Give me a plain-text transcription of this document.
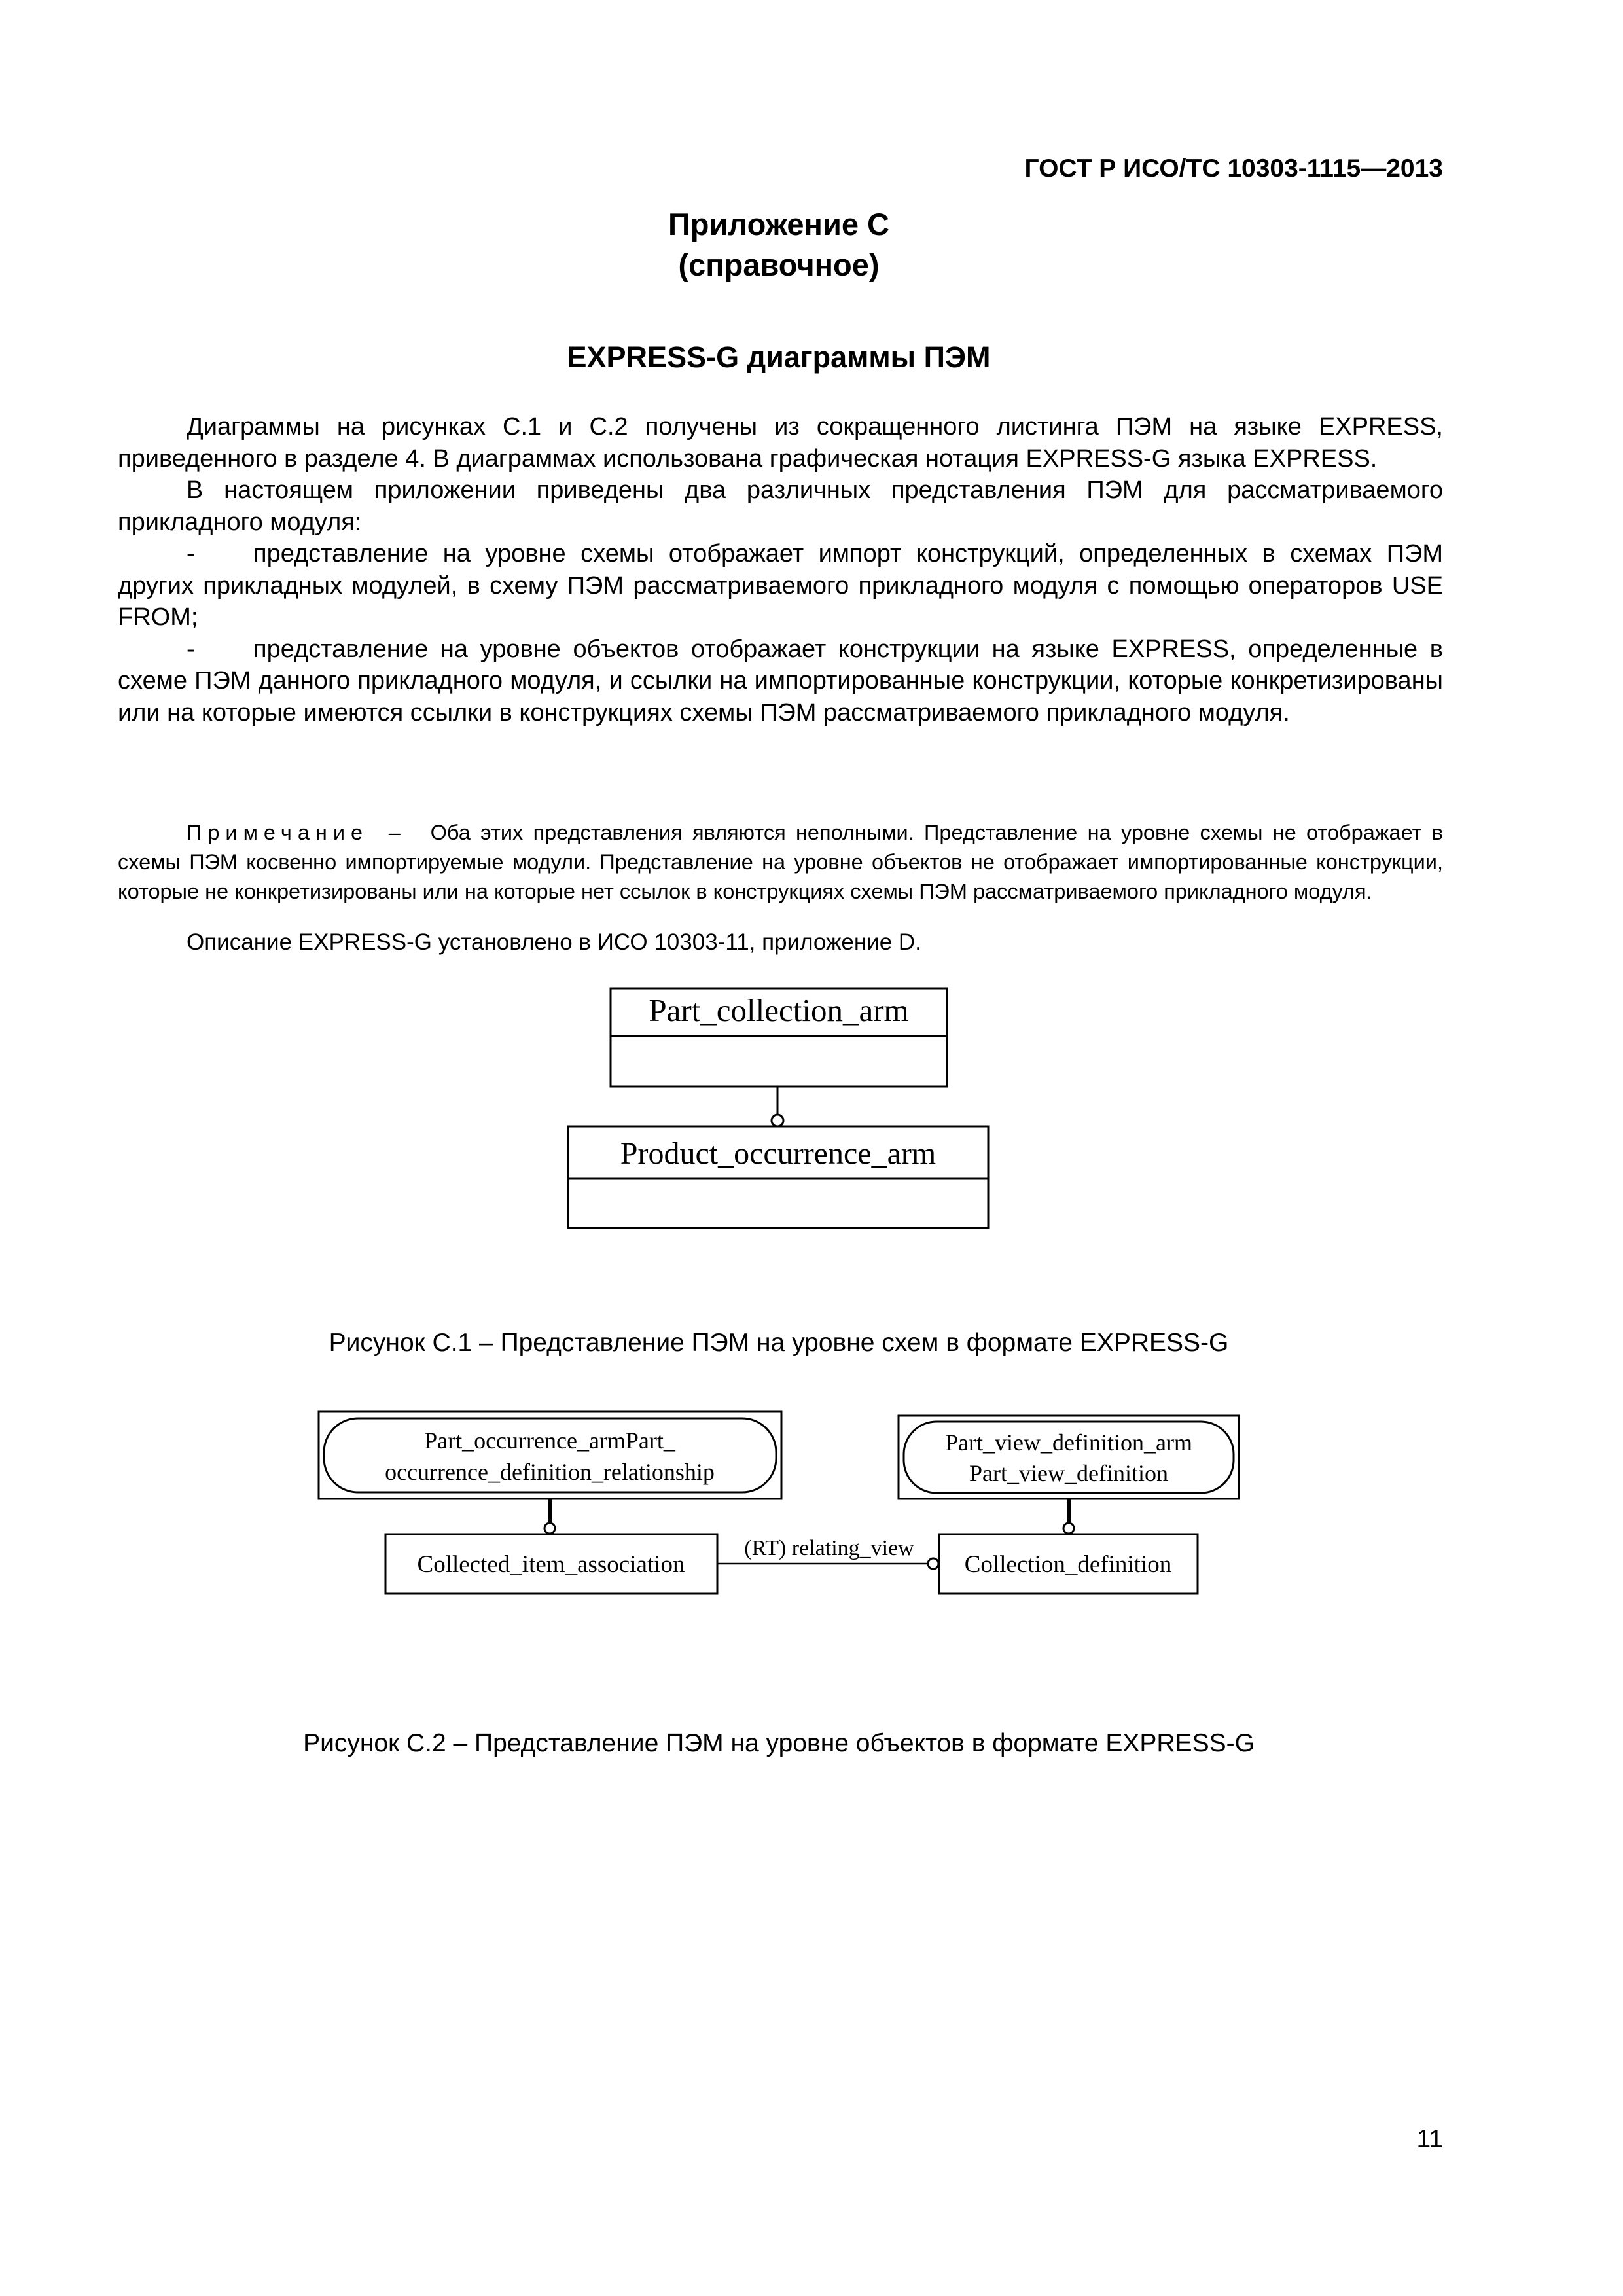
ГОСТ Р ИСО/ТС 10303-1115—2013
Приложение С
(справочное)
EXPRESS-G диаграммы ПЭМ

Диаграммы на рисунках С.1 и С.2 получены из сокращенного листинга ПЭМ на языке EXPRESS, приведенного в разделе 4. В диаграммах использована графическая нотация EXPRESS-G языка EXPRESS.

В настоящем приложении приведены два различных представления ПЭМ для рассматриваемого прикладного модуля:

- представление на уровне схемы отображает импорт конструкций, определенных в схемах ПЭМ других прикладных модулей, в схему ПЭМ рассматриваемого прикладного модуля с помощью операторов USE FROM;

- представление на уровне объектов отображает конструкции на языке EXPRESS, определенные в схеме ПЭМ данного прикладного модуля, и ссылки на импортированные конструкции, которые конкретизированы или на которые имеются ссылки в конструкциях схемы ПЭМ рассматриваемого прикладного модуля.

Примечание – Оба этих представления являются неполными. Представление на уровне схемы не отображает в схемы ПЭМ косвенно импортируемые модули. Представление на уровне объектов не отображает импортированные конструкции, которые не конкретизированы или на которые нет ссылок в конструкциях схемы ПЭМ рассматриваемого прикладного модуля.

Описание EXPRESS-G установлено в ИСО 10303-11, приложение D.
Part_collection_arm
Product_occurrence_arm
Part_occurrence_armPart_
occurrence_definition_relationship
Part_view_definition_arm
Part_view_definition
Collected_item_association	Collection_definition
(RT) relating_view
Рисунок С.1 – Представление ПЭМ на уровне схем в формате EXPRESS-G
Рисунок С.2 – Представление ПЭМ на уровне объектов в формате EXPRESS-G
11
